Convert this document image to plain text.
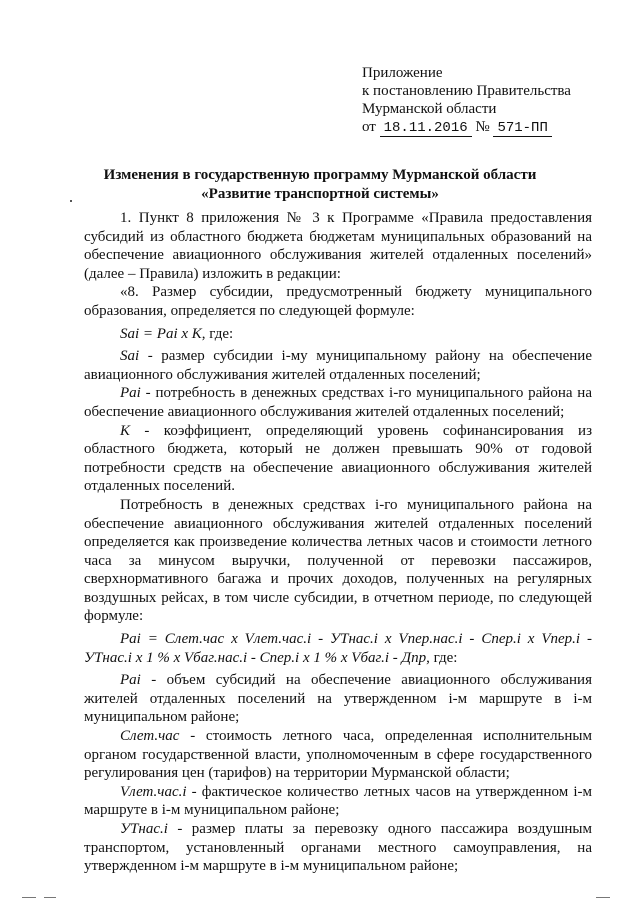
Приложение
к постановлению Правительства
Мурманской области
от 18.11.2016 № 571-ПП
Изменения в государственную программу Мурманской области
«Развитие транспортной системы»

1. Пункт 8 приложения № 3 к Программе «Правила предоставления субсидий из областного бюджета бюджетам муниципальных образований на обеспечение авиационного обслуживания жителей отдаленных поселений» (далее – Правила) изложить в редакции:

«8. Размер субсидии, предусмотренный бюджету муниципального образования, определяется по следующей формуле:

Sai = Pai x K, где:

Sai - размер субсидии i-му муниципальному району на обеспечение авиационного обслуживания жителей отдаленных поселений;

Pai - потребность в денежных средствах i-го муниципального района на обеспечение авиационного обслуживания жителей отдаленных поселений;

K - коэффициент, определяющий уровень софинансирования из областного бюджета, который не должен превышать 90% от годовой потребности средств на обеспечение авиационного обслуживания жителей отдаленных поселений.

Потребность в денежных средствах i-го муниципального района на обеспечение авиационного обслуживания жителей отдаленных поселений определяется как произведение количества летных часов и стоимости летного часа за минусом выручки, полученной от перевозки пассажиров, сверхнормативного багажа и прочих доходов, полученных на регулярных воздушных рейсах, в том числе субсидии, в отчетном периоде, по следующей формуле:

Pai = Слет.час x Vлет.час.i - УТнас.i x Vпер.нас.i - Спер.i x Vпер.i - УТнас.i x 1 % x Vбаг.нас.i - Спер.i x 1 % x Vбаг.i - Дпр, где:

Pai - объем субсидий на обеспечение авиационного обслуживания жителей отдаленных поселений на утвержденном i-м маршруте в i-м муниципальном районе;

Слет.час - стоимость летного часа, определенная исполнительным органом государственной власти, уполномоченным в сфере государственного регулирования цен (тарифов) на территории Мурманской области;

Vлет.час.i - фактическое количество летных часов на утвержденном i-м маршруте в i-м муниципальном районе;

УТнас.i - размер платы за перевозку одного пассажира воздушным транспортом, установленный органами местного самоуправления, на утвержденном i-м маршруте в i-м муниципальном районе;
